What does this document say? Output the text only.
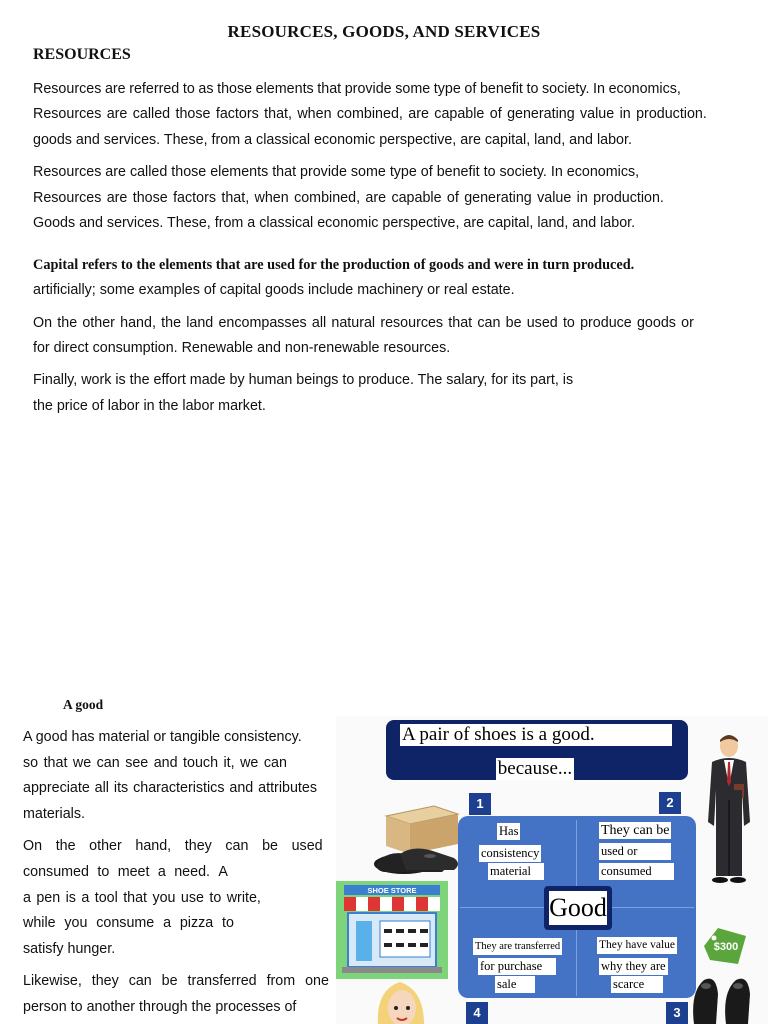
RESOURCES, GOODS, AND SERVICES
RESOURCES
Resources are referred to as those elements that provide some type of benefit to society. In economics,
Resources are called those factors that, when combined, are capable of generating value in production.
goods and services. These, from a classical economic perspective, are capital, land, and labor.
Resources are called those elements that provide some type of benefit to society. In economics,
Resources are those factors that, when combined, are capable of generating value in production.
Goods and services. These, from a classical economic perspective, are capital, land, and labor.
Capital refers to the elements that are used for the production of goods and were in turn produced.
artificially; some examples of capital goods include machinery or real estate.
On the other hand, the land encompasses all natural resources that can be used to produce goods or
for direct consumption. Renewable and non-renewable resources.
Finally, work is the effort made by human beings to produce. The salary, for its part, is
the price of labor in the labor market.
A good
A good has material or tangible consistency.
so that we can see and touch it, we can
appreciate all its characteristics and attributes
materials.
On the other hand, they can be used
consumed to meet a need. A
a pen is a tool that you use to write,
while you consume a pizza to
satisfy hunger.
Likewise, they can be transferred from one
person to another through the processes of
A pair of shoes is a good.
because...
1	2
3
4
Has
consistency
material
They can be
used or
consumed
They are transferred
for purchase
sale
They have value
why they are
scarce
Good
SHOE STORE
$300
